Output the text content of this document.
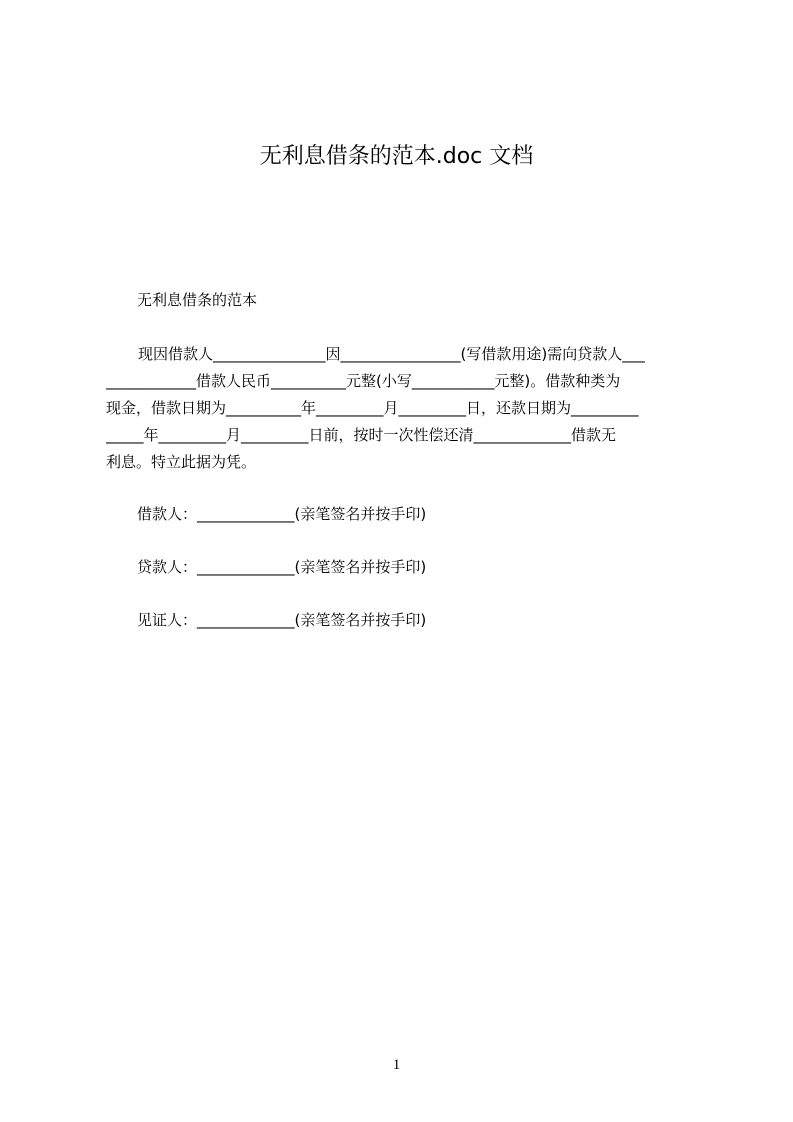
无利息借条的范本.doc 文档
无利息借条的范本
现因借款人_______________因________________(写借款用途)需向贷款人___
____________借款人民币__________元整(小写___________元整)。借款种类为
现金，借款日期为__________年_________月_________日，还款日期为_________
_____年_________月_________日前，按时一次性偿还清_____________借款无
利息。特立此据为凭。
借款人：_____________(亲笔签名并按手印)
贷款人：_____________(亲笔签名并按手印)
见证人：_____________(亲笔签名并按手印)
1
